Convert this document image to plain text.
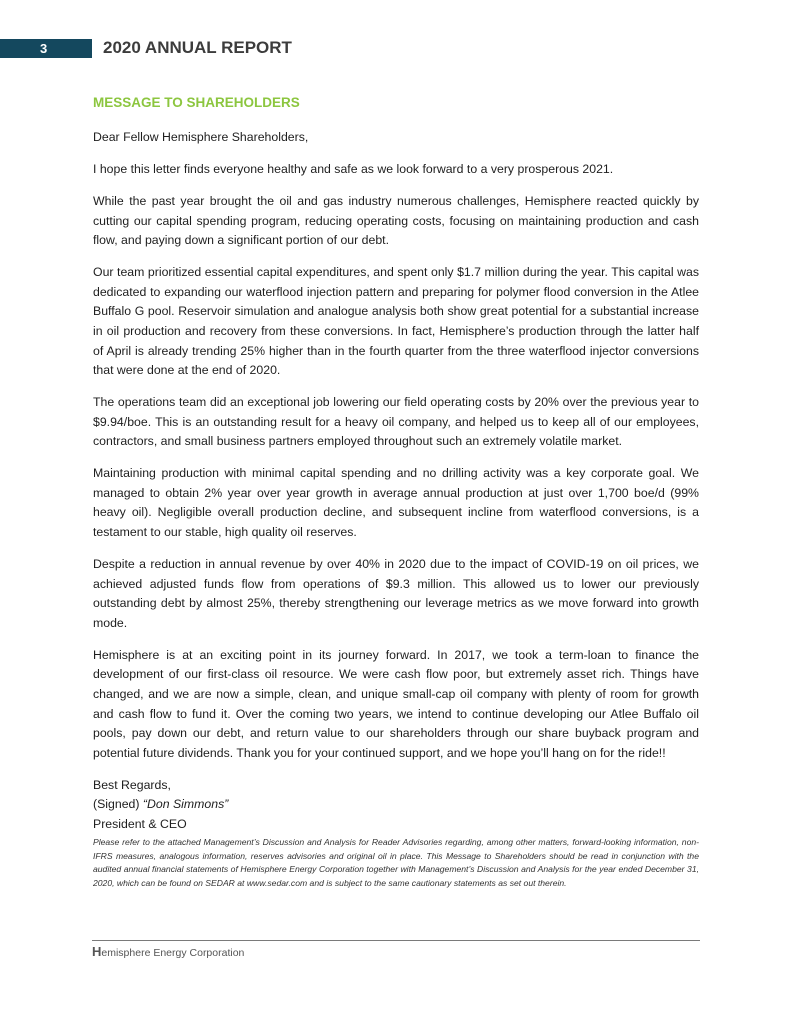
3	2020 ANNUAL REPORT
MESSAGE TO SHAREHOLDERS

Dear Fellow Hemisphere Shareholders,

I hope this letter finds everyone healthy and safe as we look forward to a very prosperous 2021.

While the past year brought the oil and gas industry numerous challenges, Hemisphere reacted quickly by cutting our capital spending program, reducing operating costs, focusing on maintaining production and cash flow, and paying down a significant portion of our debt.

Our team prioritized essential capital expenditures, and spent only $1.7 million during the year. This capital was dedicated to expanding our waterflood injection pattern and preparing for polymer flood conversion in the Atlee Buffalo G pool. Reservoir simulation and analogue analysis both show great potential for a substantial increase in oil production and recovery from these conversions. In fact, Hemisphere’s production through the latter half of April is already trending 25% higher than in the fourth quarter from the three waterflood injector conversions that were done at the end of 2020.

The operations team did an exceptional job lowering our field operating costs by 20% over the previous year to $9.94/boe. This is an outstanding result for a heavy oil company, and helped us to keep all of our employees, contractors, and small business partners employed throughout such an extremely volatile market.

Maintaining production with minimal capital spending and no drilling activity was a key corporate goal. We managed to obtain 2% year over year growth in average annual production at just over 1,700 boe/d (99% heavy oil). Negligible overall production decline, and subsequent incline from waterflood conversions, is a testament to our stable, high quality oil reserves.

Despite a reduction in annual revenue by over 40% in 2020 due to the impact of COVID-19 on oil prices, we achieved adjusted funds flow from operations of $9.3 million. This allowed us to lower our previously outstanding debt by almost 25%, thereby strengthening our leverage metrics as we move forward into growth mode.

Hemisphere is at an exciting point in its journey forward. In 2017, we took a term-loan to finance the development of our first-class oil resource. We were cash flow poor, but extremely asset rich. Things have changed, and we are now a simple, clean, and unique small-cap oil company with plenty of room for growth and cash flow to fund it. Over the coming two years, we intend to continue developing our Atlee Buffalo oil pools, pay down our debt, and return value to our shareholders through our share buyback program and potential future dividends. Thank you for your continued support, and we hope you’ll hang on for the ride!!

Best Regards,
(Signed) “Don Simmons”
President & CEO
Please refer to the attached Management’s Discussion and Analysis for Reader Advisories regarding, among other matters, forward-looking information, non-IFRS measures, analogous information, reserves advisories and original oil in place. This Message to Shareholders should be read in conjunction with the audited annual financial statements of Hemisphere Energy Corporation together with Management’s Discussion and Analysis for the year ended December 31, 2020, which can be found on SEDAR at www.sedar.com and is subject to the same cautionary statements as set out therein.
Hemisphere Energy Corporation
